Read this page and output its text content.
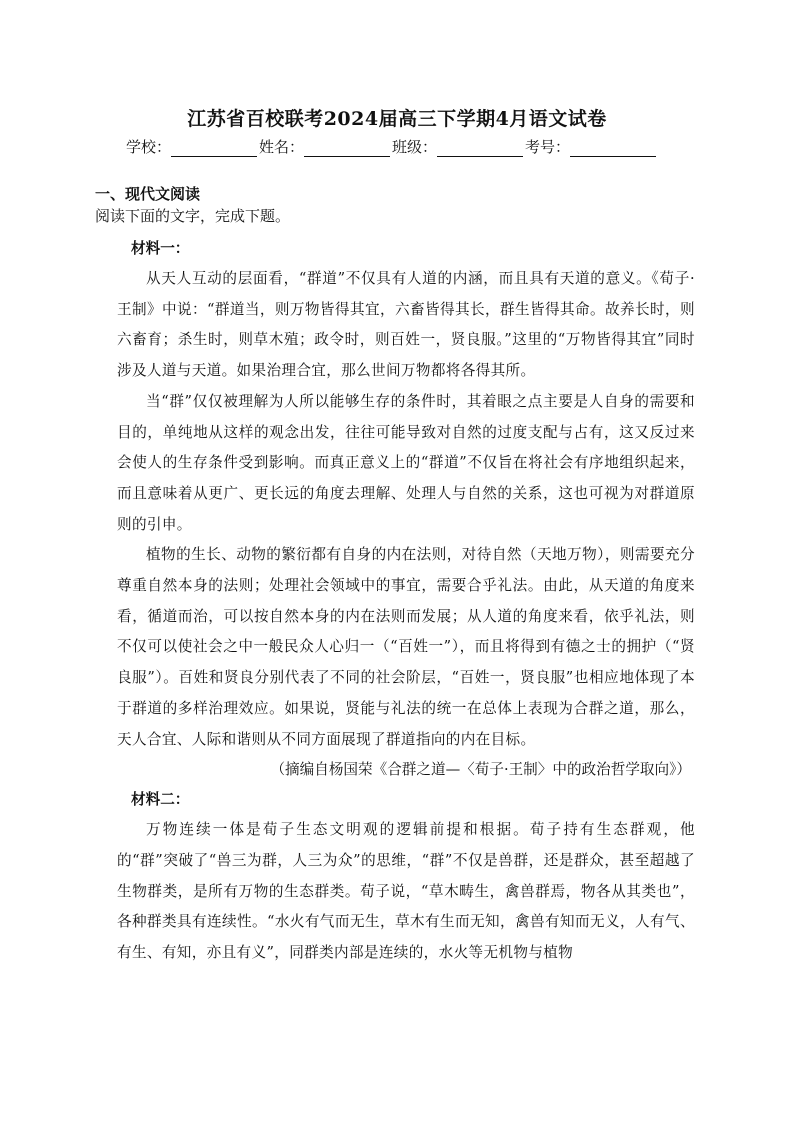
江苏省百校联考2024届高三下学期4月语文试卷
学校：	姓名：	班级：	考号：
一、现代文阅读
阅读下面的文字，完成下题。

材料一：

从天人互动的层面看，“群道”不仅具有人道的内涵，而且具有天道的意义。《荀子·王制》中说：“群道当，则万物皆得其宜，六畜皆得其长，群生皆得其命。故养长时，则六畜育；杀生时，则草木殖；政令时，则百姓一，贤良服。”这里的“万物皆得其宜”同时涉及人道与天道。如果治理合宜，那么世间万物都将各得其所。

当“群”仅仅被理解为人所以能够生存的条件时，其着眼之点主要是人自身的需要和目的，单纯地从这样的观念出发，往往可能导致对自然的过度支配与占有，这又反过来会使人的生存条件受到影响。而真正意义上的“群道”不仅旨在将社会有序地组织起来，而且意味着从更广、更长远的角度去理解、处理人与自然的关系，这也可视为对群道原则的引申。

植物的生长、动物的繁衍都有自身的内在法则，对待自然（天地万物），则需要充分尊重自然本身的法则；处理社会领域中的事宜，需要合乎礼法。由此，从天道的角度来看，循道而治，可以按自然本身的内在法则而发展；从人道的角度来看，依乎礼法，则不仅可以使社会之中一般民众人心归一（“百姓一”），而且将得到有德之士的拥护（“贤良服”）。百姓和贤良分别代表了不同的社会阶层，“百姓一，贤良服”也相应地体现了本于群道的多样治理效应。如果说，贤能与礼法的统一在总体上表现为合群之道，那么，天人合宜、人际和谐则从不同方面展现了群道指向的内在目标。

（摘编自杨国荣《合群之道—〈荀子·王制〉中的政治哲学取向》）

材料二：

万物连续一体是荀子生态文明观的逻辑前提和根据。荀子持有生态群观，他的“群”突破了“兽三为群，人三为众”的思维，“群”不仅是兽群，还是群众，甚至超越了生物群类，是所有万物的生态群类。荀子说，“草木畴生，禽兽群焉，物各从其类也”，各种群类具有连续性。“水火有气而无生，草木有生而无知，禽兽有知而无义，人有气、有生、有知，亦且有义”，同群类内部是连续的，水火等无机物与植物
